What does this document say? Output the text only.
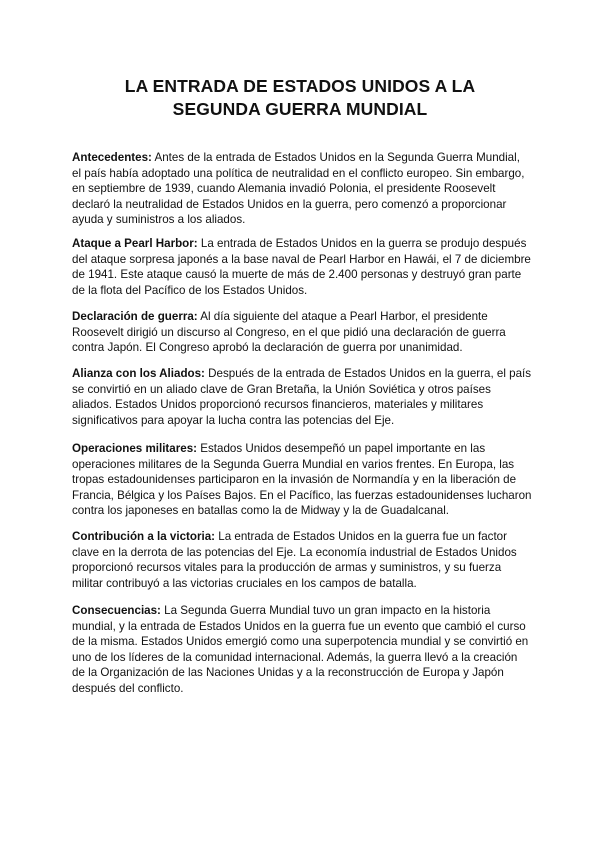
LA ENTRADA DE ESTADOS UNIDOS A LA
SEGUNDA GUERRA MUNDIAL

Antecedentes: Antes de la entrada de Estados Unidos en la Segunda Guerra Mundial, el país había adoptado una política de neutralidad en el conflicto europeo. Sin embargo, en septiembre de 1939, cuando Alemania invadió Polonia, el presidente Roosevelt declaró la neutralidad de Estados Unidos en la guerra, pero comenzó a proporcionar ayuda y suministros a los aliados.

Ataque a Pearl Harbor: La entrada de Estados Unidos en la guerra se produjo después del ataque sorpresa japonés a la base naval de Pearl Harbor en Hawái, el 7 de diciembre de 1941. Este ataque causó la muerte de más de 2.400 personas y destruyó gran parte de la flota del Pacífico de los Estados Unidos.

Declaración de guerra: Al día siguiente del ataque a Pearl Harbor, el presidente Roosevelt dirigió un discurso al Congreso, en el que pidió una declaración de guerra contra Japón. El Congreso aprobó la declaración de guerra por unanimidad.

Alianza con los Aliados: Después de la entrada de Estados Unidos en la guerra, el país se convirtió en un aliado clave de Gran Bretaña, la Unión Soviética y otros países aliados. Estados Unidos proporcionó recursos financieros, materiales y militares significativos para apoyar la lucha contra las potencias del Eje.

Operaciones militares: Estados Unidos desempeñó un papel importante en las operaciones militares de la Segunda Guerra Mundial en varios frentes. En Europa, las tropas estadounidenses participaron en la invasión de Normandía y en la liberación de Francia, Bélgica y los Países Bajos. En el Pacífico, las fuerzas estadounidenses lucharon contra los japoneses en batallas como la de Midway y la de Guadalcanal.

Contribución a la victoria: La entrada de Estados Unidos en la guerra fue un factor clave en la derrota de las potencias del Eje. La economía industrial de Estados Unidos proporcionó recursos vitales para la producción de armas y suministros, y su fuerza militar contribuyó a las victorias cruciales en los campos de batalla.

Consecuencias: La Segunda Guerra Mundial tuvo un gran impacto en la historia mundial, y la entrada de Estados Unidos en la guerra fue un evento que cambió el curso de la misma. Estados Unidos emergió como una superpotencia mundial y se convirtió en uno de los líderes de la comunidad internacional. Además, la guerra llevó a la creación de la Organización de las Naciones Unidas y a la reconstrucción de Europa y Japón después del conflicto.
